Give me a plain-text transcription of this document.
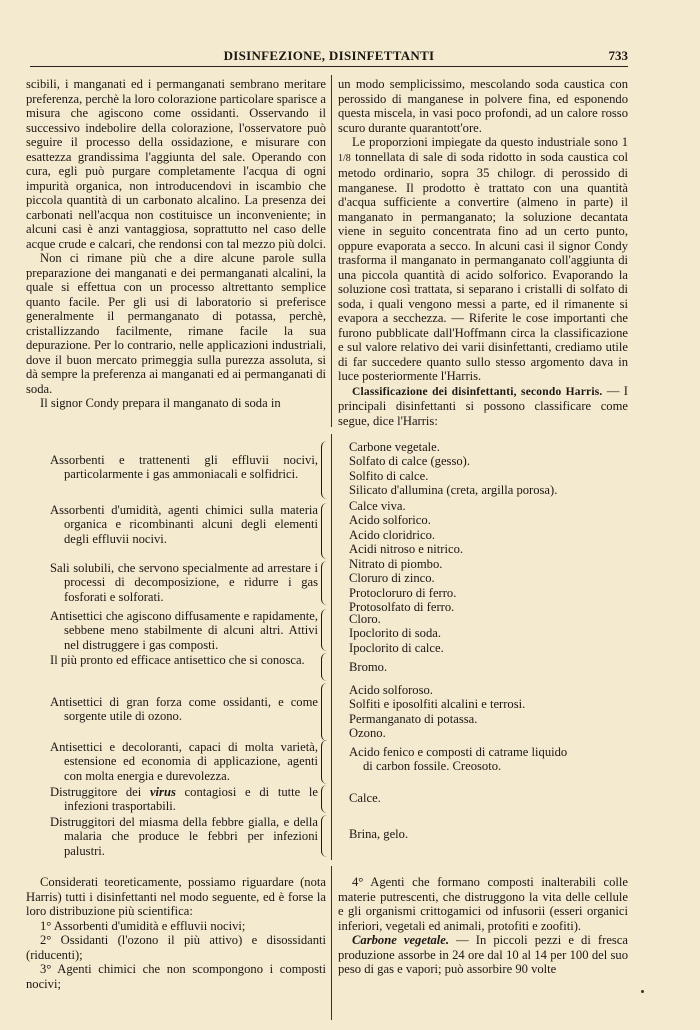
DISINFEZIONE, DISINFETTANTI	733

scibili, i manganati ed i permanganati sembrano meritare preferenza, perchè la loro colorazione particolare sparisce a misura che agiscono come ossidanti. Osservando il successivo indebolire della colorazione, l'osservatore può seguire il processo della ossidazione, e misurare con esattezza grandissima l'aggiunta del sale. Operando con cura, egli può purgare completamente l'acqua di ogni impurità organica, non introducendovi in iscambio che piccola quantità di un carbonato alcalino. La presenza dei carbonati nell'acqua non costituisce un inconveniente; in alcuni casi è anzi vantaggiosa, soprattutto nel caso delle acque crude e calcari, che rendonsi con tal mezzo più dolci.

Non ci rimane più che a dire alcune parole sulla preparazione dei manganati e dei permanganati alcalini, la quale si effettua con un processo altrettanto semplice quanto facile. Per gli usi di laboratorio si preferisce generalmente il permanganato di potassa, perchè, cristallizzando facilmente, rimane facile la sua depurazione. Per lo contrario, nelle applicazioni industriali, dove il buon mercato primeggia sulla purezza assoluta, si dà sempre la preferenza ai manganati ed ai permanganati di soda.

Il signor Condy prepara il manganato di soda in

un modo semplicissimo, mescolando soda caustica con perossido di manganese in polvere fina, ed esponendo questa miscela, in vasi poco profondi, ad un calore rosso scuro durante quarantott'ore.

Le proporzioni impiegate da questo industriale sono 1 1/8 tonnellata di sale di soda ridotto in soda caustica col metodo ordinario, sopra 35 chilogr. di perossido di manganese. Il prodotto è trattato con una quantità d'acqua sufficiente a convertire (almeno in parte) il manganato in permanganato; la soluzione decantata viene in seguito concentrata fino ad un certo punto, oppure evaporata a secco. In alcuni casi il signor Condy trasforma il manganato in permanganato coll'aggiunta di una piccola quantità di acido solforico. Evaporando la soluzione così trattata, si separano i cristalli di solfato di soda, i quali vengono messi a parte, ed il rimanente si evapora a secchezza. — Riferite le cose importanti che furono pubblicate dall'Hoffmann circa la classificazione e sul valore relativo dei varii disinfettanti, crediamo utile di far succedere quanto sullo stesso argomento dava in luce posteriormente l'Harris.

Classificazione dei disinfettanti, secondo Harris. — I principali disinfettanti si possono classificare come segue, dice l'Harris:

Assorbenti e trattenenti gli effluvii nocivi, particolarmente i gas ammoniacali e solfidrici.
Carbone vegetale.
Solfato di calce (gesso).
Solfito di calce.
Silicato d'allumina (creta, argilla porosa).
Assorbenti d'umidità, agenti chimici sulla materia organica e ricombinanti alcuni degli elementi degli effluvii nocivi.
Calce viva.
Acido solforico.
Acido cloridrico.
Acidi nitroso e nitrico.
Sali solubili, che servono specialmente ad arrestare i processi di decomposizione, e ridurre i gas fosforati e solforati.
Nitrato di piombo.
Cloruro di zinco.
Protocloruro di ferro.
Protosolfato di ferro.
Antisettici che agiscono diffusamente e rapidamente, sebbene meno stabilmente di alcuni altri. Attivi nel distruggere i gas composti.
Cloro.
Ipoclorito di soda.
Ipoclorito di calce.
Il più pronto ed efficace antisettico che si conosca.	Bromo.
Antisettici di gran forza come ossidanti, e come sorgente utile di ozono.
Acido solforoso.
Solfiti e iposolfiti alcalini e terrosi.
Permanganato di potassa.
Ozono.
Antisettici e decoloranti, capaci di molta varietà, estensione ed economia di applicazione, agenti con molta energia e durevolezza.
Acido fenico e composti di catrame liquido
di carbon fossile. Creosoto.
Distruggitore dei virus contagiosi e di tutte le infezioni trasportabili.
Calce.
Distruggitori del miasma della febbre gialla, e della malaria che produce le febbri per infezioni palustri.
Brina, gelo.

Considerati teoreticamente, possiamo riguardare (nota Harris) tutti i disinfettanti nel modo seguente, ed è forse la loro distribuzione più scientifica:

1° Assorbenti d'umidità e effluvii nocivi;

2° Ossidanti (l'ozono il più attivo) e disossidanti (riducenti);

3° Agenti chimici che non scompongono i composti nocivi;

4° Agenti che formano composti inalterabili colle materie putrescenti, che distruggono la vita delle cellule e gli organismi crittogamici od infusorii (esseri organici inferiori, vegetali ed animali, protofiti e zoofiti).

Carbone vegetale. — In piccoli pezzi e di fresca produzione assorbe in 24 ore dal 10 al 14 per 100 del suo peso di gas e vapori; può assorbire 90 volte
